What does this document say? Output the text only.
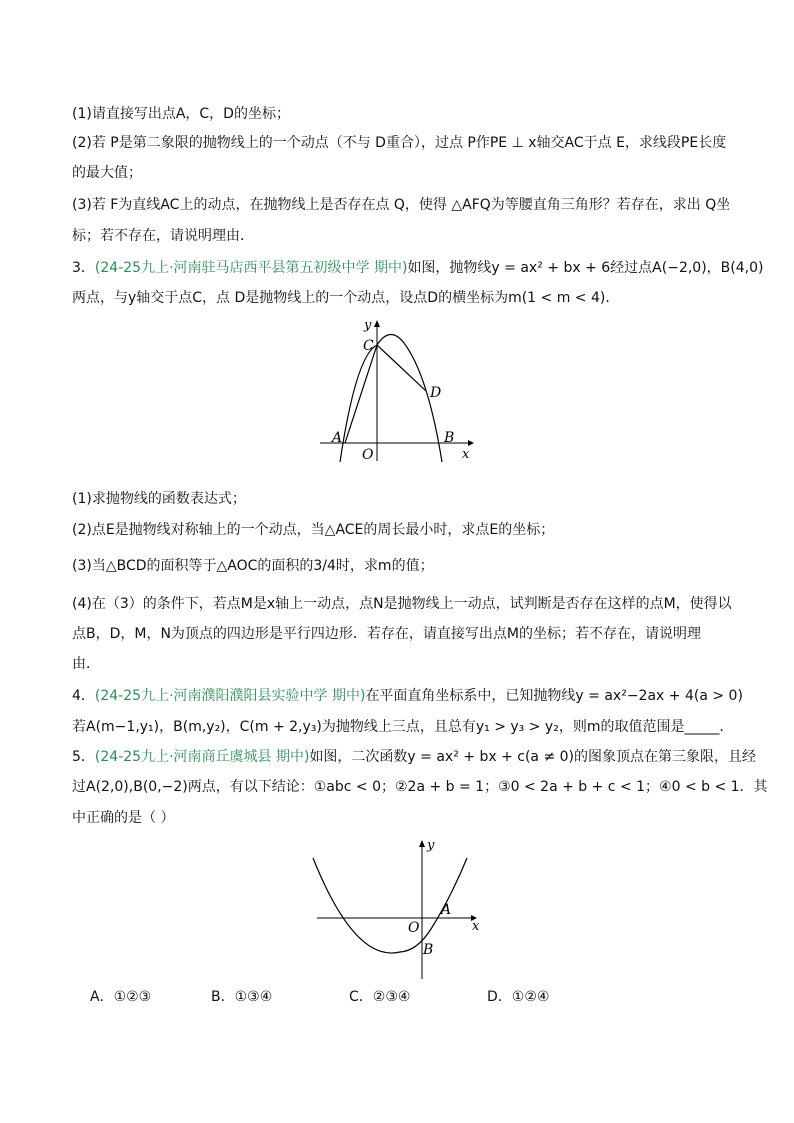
(1)请直接写出点A，C，D的坐标；
(2)若 P是第二象限的抛物线上的一个动点（不与 D重合），过点 P作PE ⊥ x轴交AC于点 E，求线段PE长度
的最大值；
(3)若 F为直线AC上的动点，在抛物线上是否存在点 Q，使得 △AFQ为等腰直角三角形？若存在，求出 Q坐
标；若不存在，请说明理由．
3．(24-25九上·河南驻马店西平县第五初级中学 期中)如图，抛物线y = ax² + bx + 6经过点A(−2,0)，B(4,0)
两点，与y轴交于点C，点 D是抛物线上的一个动点，设点D的横坐标为m(1 < m < 4)．
y
x
C
D
A
O
B
(1)求抛物线的函数表达式；
(2)点E是抛物线对称轴上的一个动点，当△ACE的周长最小时，求点E的坐标；
(3)当△BCD的面积等于△AOC的面积的3/4时，求m的值；
(4)在（3）的条件下，若点M是x轴上一动点，点N是抛物线上一动点，试判断是否存在这样的点M，使得以
点B，D，M，N为顶点的四边形是平行四边形．若存在，请直接写出点M的坐标；若不存在，请说明理
由．
4．(24-25九上·河南濮阳濮阳县实验中学 期中)在平面直角坐标系中，已知抛物线y = ax²−2ax + 4(a > 0)
若A(m−1,y₁)，B(m,y₂)，C(m + 2,y₃)为抛物线上三点，且总有y₁ > y₃ > y₂，则m的取值范围是_____．
5．(24-25九上·河南商丘虞城县 期中)如图，二次函数y = ax² + bx + c(a ≠ 0)的图象顶点在第三象限，且经
过A(2,0),B(0,−2)两点，有以下结论：①abc < 0；②2a + b = 1；③0 < 2a + b + c < 1；④0 < b < 1．其
中正确的是（ ）
y
x
O
A
B
A．①②③	B．①③④	C．②③④	D．①②④
